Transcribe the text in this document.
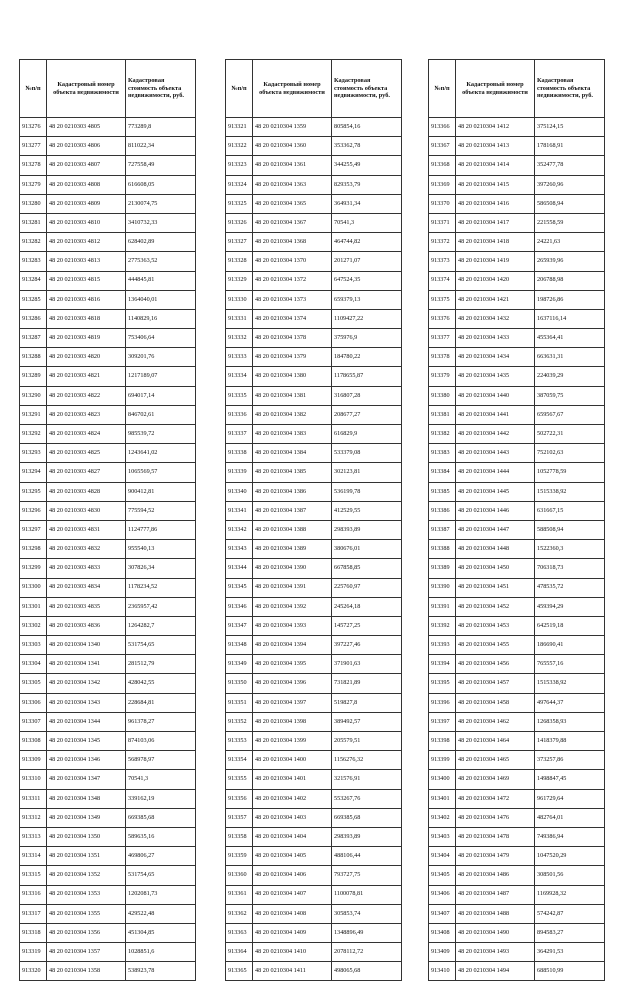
№п/п	Кадастровый номер объекта недвижимости	Кадастровая стоимость объекта недвижимости, руб.
913276	48 20 0210303 4805	773289,8
913277	48 20 0210303 4806	811022,34
913278	48 20 0210303 4807	727558,49
913279	48 20 0210303 4808	616608,05
913280	48 20 0210303 4809	2130074,75
913281	48 20 0210303 4810	3410732,33
913282	48 20 0210303 4812	628402,89
913283	48 20 0210303 4813	2775363,52
913284	48 20 0210303 4815	444845,81
913285	48 20 0210303 4816	1364040,01
913286	48 20 0210303 4818	1140829,16
913287	48 20 0210303 4819	753406,64
913288	48 20 0210303 4820	309201,76
913289	48 20 0210303 4821	1217189,07
913290	48 20 0210303 4822	694017,14
913291	48 20 0210303 4823	846702,61
913292	48 20 0210303 4824	985539,72
913293	48 20 0210303 4825	1243641,02
913294	48 20 0210303 4827	1065569,57
913295	48 20 0210303 4828	900412,81
913296	48 20 0210303 4830	775594,52
913297	48 20 0210303 4831	1124777,86
913298	48 20 0210303 4832	955540,13
913299	48 20 0210303 4833	307826,34
913300	48 20 0210303 4834	1178234,52
913301	48 20 0210303 4835	2365957,42
913302	48 20 0210303 4836	1264282,7
913303	48 20 0210304 1340	531754,65
913304	48 20 0210304 1341	281512,79
913305	48 20 0210304 1342	428042,55
913306	48 20 0210304 1343	228684,81
913307	48 20 0210304 1344	961378,27
913308	48 20 0210304 1345	874103,06
913309	48 20 0210304 1346	568978,97
913310	48 20 0210304 1347	70541,3
913311	48 20 0210304 1348	339162,19
913312	48 20 0210304 1349	669385,68
913313	48 20 0210304 1350	589635,16
913314	48 20 0210304 1351	469806,27
913315	48 20 0210304 1352	531754,65
913316	48 20 0210304 1353	1202081,73
913317	48 20 0210304 1355	429522,48
913318	48 20 0210304 1356	451304,85
913319	48 20 0210304 1357	1028851,6
913320	48 20 0210304 1358	538923,78
№п/п	Кадастровый номер объекта недвижимости	Кадастровая стоимость объекта недвижимости, руб.
913321	48 20 0210304 1359	805854,16
913322	48 20 0210304 1360	353362,78
913323	48 20 0210304 1361	344255,49
913324	48 20 0210304 1363	829353,79
913325	48 20 0210304 1365	364931,34
913326	48 20 0210304 1367	70541,3
913327	48 20 0210304 1368	464744,82
913328	48 20 0210304 1370	201271,07
913329	48 20 0210304 1372	647524,35
913330	48 20 0210304 1373	659379,13
913331	48 20 0210304 1374	1109427,22
913332	48 20 0210304 1378	375976,9
913333	48 20 0210304 1379	184780,22
913334	48 20 0210304 1380	1178655,87
913335	48 20 0210304 1381	316807,28
913336	48 20 0210304 1382	208677,27
913337	48 20 0210304 1383	616829,9
913338	48 20 0210304 1384	533379,08
913339	48 20 0210304 1385	302123,81
913340	48 20 0210304 1386	536199,78
913341	48 20 0210304 1387	412529,55
913342	48 20 0210304 1388	298393,89
913343	48 20 0210304 1389	380676,01
913344	48 20 0210304 1390	667858,85
913345	48 20 0210304 1391	225760,97
913346	48 20 0210304 1392	245264,18
913347	48 20 0210304 1393	145727,25
913348	48 20 0210304 1394	397227,46
913349	48 20 0210304 1395	371901,63
913350	48 20 0210304 1396	731821,89
913351	48 20 0210304 1397	519827,8
913352	48 20 0210304 1398	389492,57
913353	48 20 0210304 1399	205579,51
913354	48 20 0210304 1400	1156276,32
913355	48 20 0210304 1401	321576,91
913356	48 20 0210304 1402	553267,76
913357	48 20 0210304 1403	669385,68
913358	48 20 0210304 1404	298393,89
913359	48 20 0210304 1405	488106,44
913360	48 20 0210304 1406	793727,75
913361	48 20 0210304 1407	1100078,81
913362	48 20 0210304 1408	305853,74
913363	48 20 0210304 1409	1348896,49
913364	48 20 0210304 1410	2078112,72
913365	48 20 0210304 1411	498065,68
№п/п	Кадастровый номер объекта недвижимости	Кадастровая стоимость объекта недвижимости, руб.
913366	48 20 0210304 1412	375124,15
913367	48 20 0210304 1413	178168,91
913368	48 20 0210304 1414	352477,78
913369	48 20 0210304 1415	397260,96
913370	48 20 0210304 1416	586508,94
913371	48 20 0210304 1417	221558,59
913372	48 20 0210304 1418	24221,63
913373	48 20 0210304 1419	265939,96
913374	48 20 0210304 1420	206788,98
913375	48 20 0210304 1421	198726,86
913376	48 20 0210304 1432	1637116,14
913377	48 20 0210304 1433	455364,41
913378	48 20 0210304 1434	663631,31
913379	48 20 0210304 1435	224039,29
913380	48 20 0210304 1440	387059,75
913381	48 20 0210304 1441	659567,67
913382	48 20 0210304 1442	502722,31
913383	48 20 0210304 1443	752102,63
913384	48 20 0210304 1444	1052778,59
913385	48 20 0210304 1445	1515338,92
913386	48 20 0210304 1446	631667,15
913387	48 20 0210304 1447	588508,94
913388	48 20 0210304 1448	1522360,3
913389	48 20 0210304 1450	706318,73
913390	48 20 0210304 1451	478535,72
913391	48 20 0210304 1452	459394,29
913392	48 20 0210304 1453	642519,18
913393	48 20 0210304 1455	186690,41
913394	48 20 0210304 1456	765557,16
913395	48 20 0210304 1457	1515338,92
913396	48 20 0210304 1458	497644,37
913397	48 20 0210304 1462	1268358,93
913398	48 20 0210304 1464	1418379,88
913399	48 20 0210304 1465	373257,86
913400	48 20 0210304 1469	1498847,45
913401	48 20 0210304 1472	961729,64
913402	48 20 0210304 1476	482764,01
913403	48 20 0210304 1478	749386,94
913404	48 20 0210304 1479	1047520,29
913405	48 20 0210304 1486	308501,56
913406	48 20 0210304 1487	1169928,32
913407	48 20 0210304 1488	574242,87
913408	48 20 0210304 1490	894583,27
913409	48 20 0210304 1493	364291,53
913410	48 20 0210304 1494	688510,99
